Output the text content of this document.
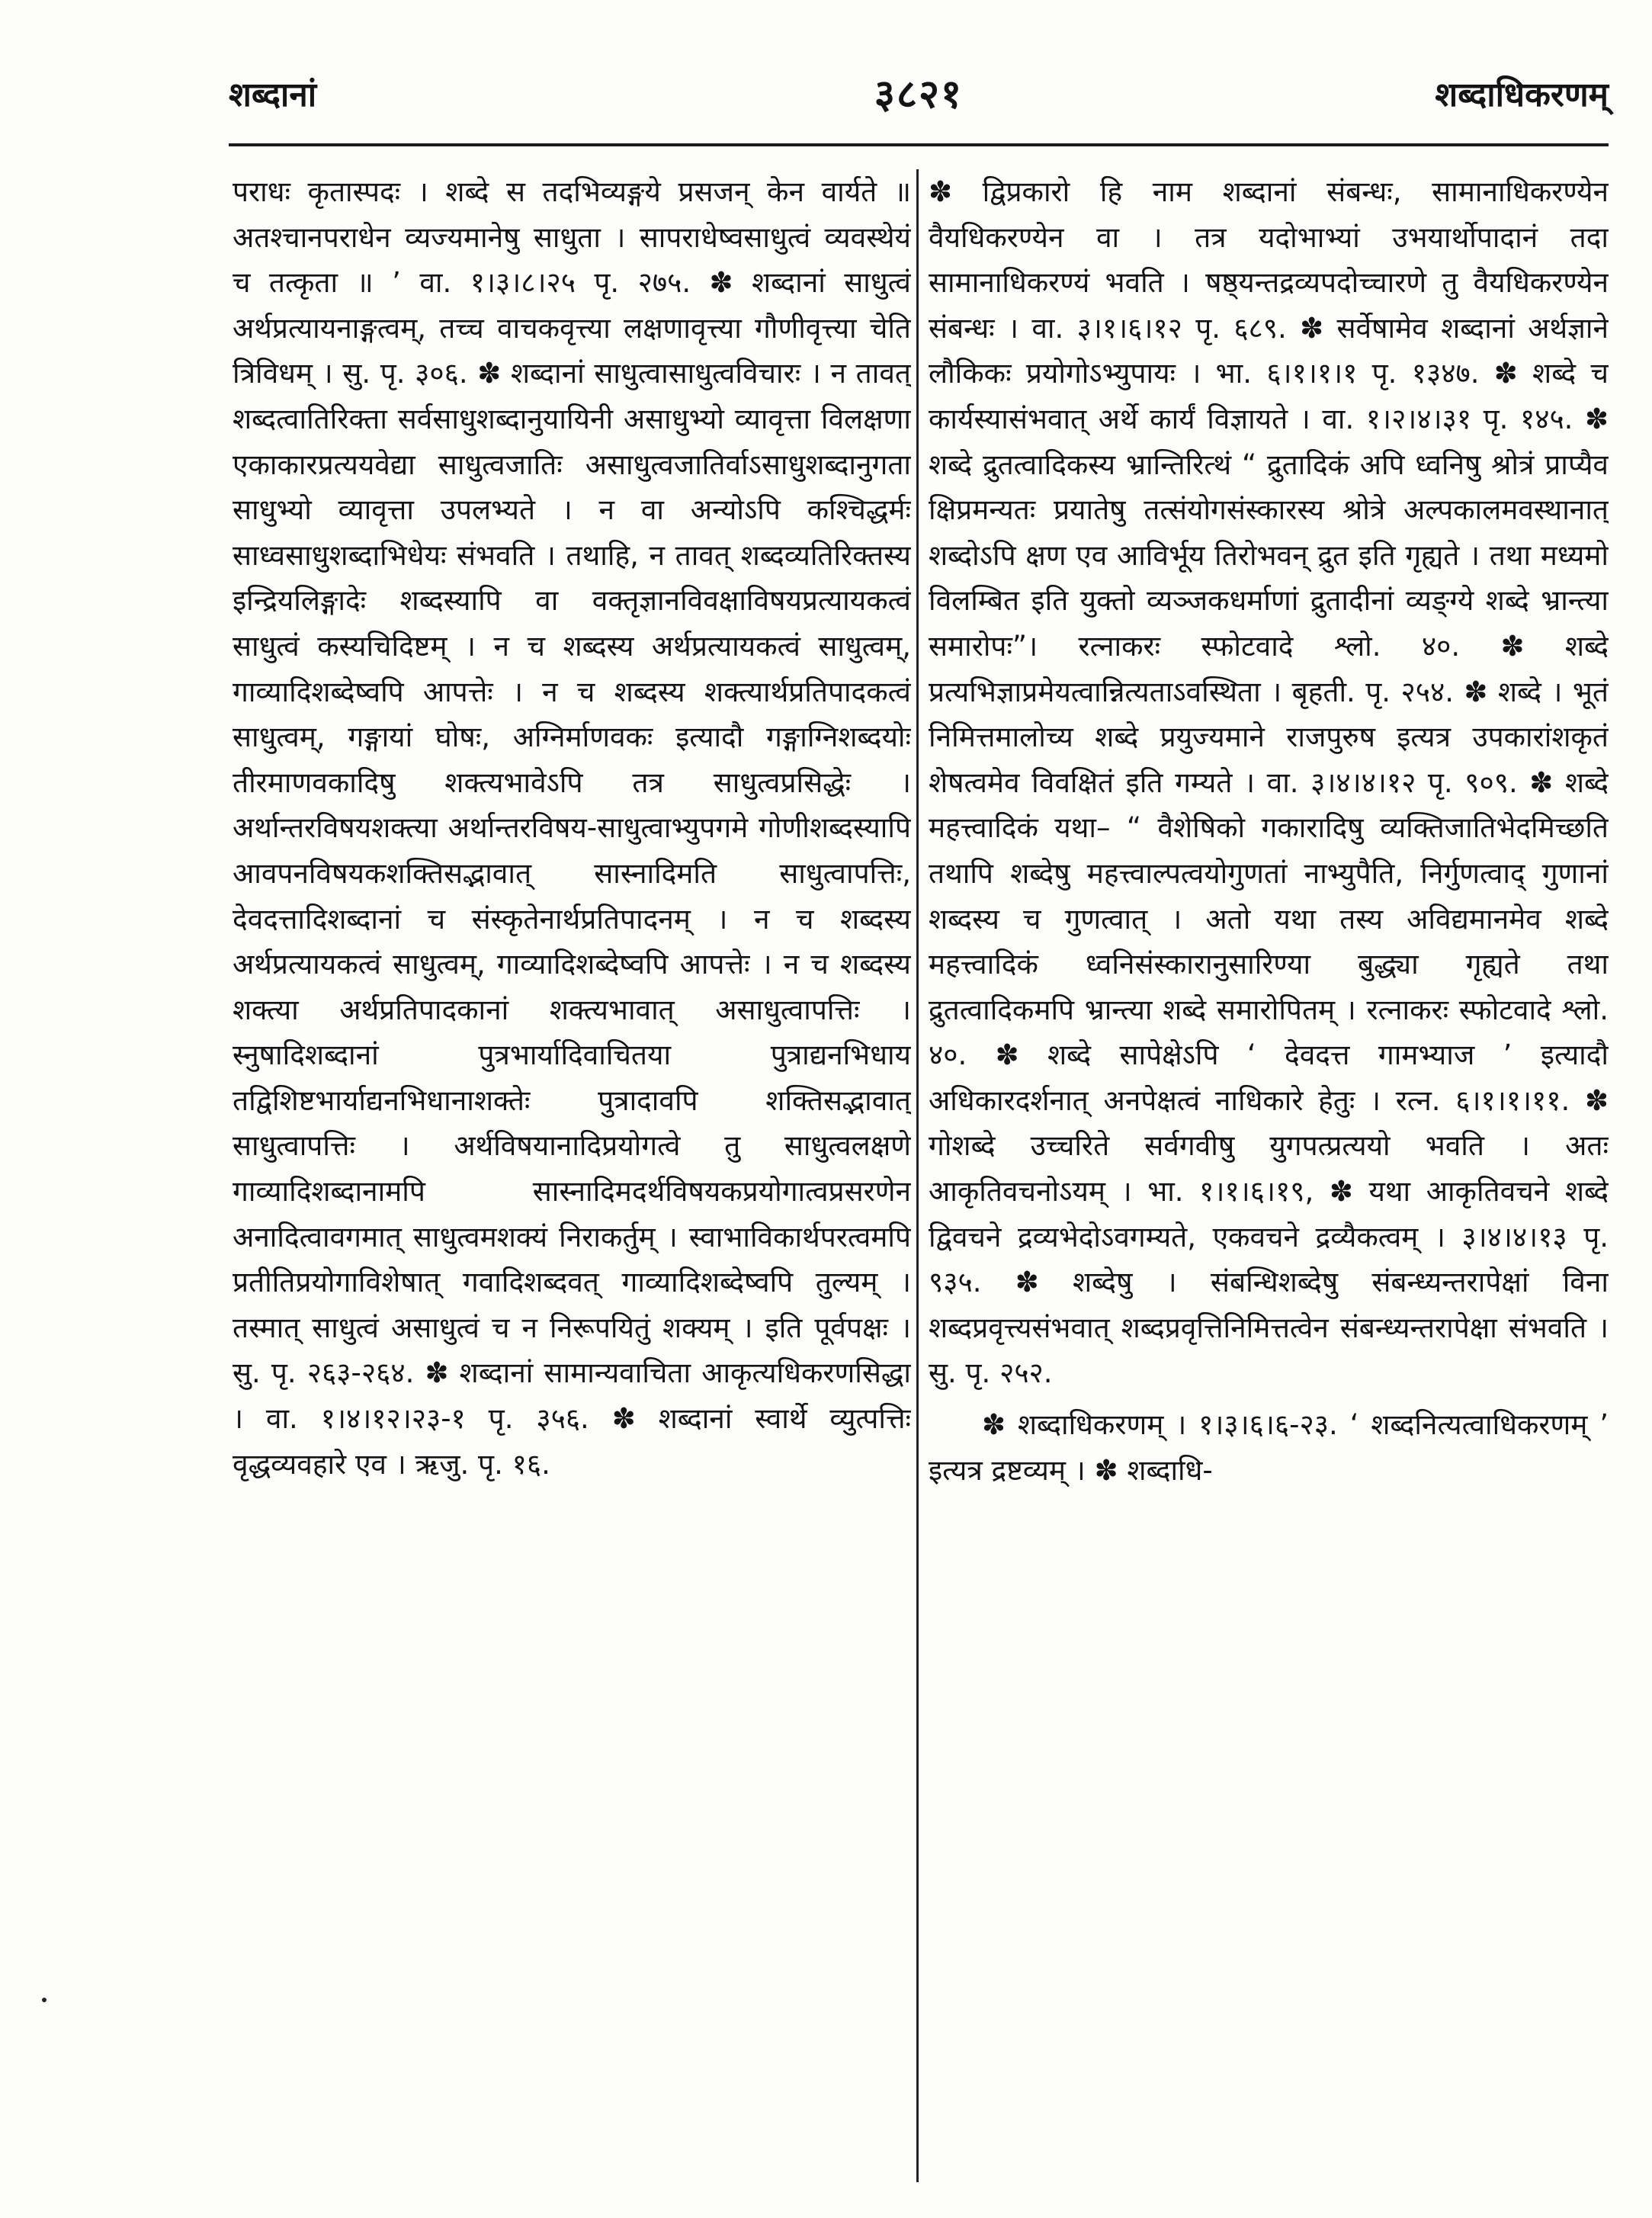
शब्दानां	३८२१	शब्दाधिकरणम्

पराधः कृतास्पदः । शब्दे स तदभिव्यङ्गये प्रसजन् केन वार्यते ॥ अतश्चानपराधेन व्यज्यमानेषु साधुता । सापराधेष्वसाधुत्वं व्यवस्थेयं च तत्कृता ॥ ’ वा. १।३।८।२५ पृ. २७५. ✽ शब्दानां साधुत्वं अर्थप्रत्यायनाङ्गत्वम्, तच्च वाचकवृत्त्या लक्षणावृत्त्या गौणीवृत्त्या चेति त्रिविधम् । सु. पृ. ३०६. ✽ शब्दानां साधुत्वासाधुत्वविचारः । न तावत् शब्दत्वातिरिक्ता सर्वसाधुशब्दानुयायिनी असाधुभ्यो व्यावृत्ता विलक्षणा एकाकारप्रत्ययवेद्या साधुत्वजातिः असाधुत्वजातिर्वाऽसाधुशब्दानुगता साधुभ्यो व्यावृत्ता उपलभ्यते । न वा अन्योऽपि कश्चिद्धर्मः साध्वसाधुशब्दाभिधेयः संभवति । तथाहि, न तावत् शब्दव्यतिरिक्तस्य इन्द्रियलिङ्गादेः शब्दस्यापि वा वक्तृज्ञानविवक्षाविषयप्रत्यायकत्वं साधुत्वं कस्यचिदिष्टम् । न च शब्दस्य अर्थप्रत्यायकत्वं साधुत्वम्, गाव्यादिशब्देष्वपि आपत्तेः । न च शब्दस्य शक्त्यार्थप्रतिपादकत्वं साधुत्वम्, गङ्गायां घोषः, अग्निर्माणवकः इत्यादौ गङ्गाग्निशब्दयोः तीरमाणवकादिषु शक्त्यभावेऽपि तत्र साधुत्वप्रसिद्धेः । अर्थान्तरविषयशक्त्या अर्थान्तरविषय-साधुत्वाभ्युपगमे गोणीशब्दस्यापि आवपनविषयकशक्तिसद्भावात् सास्नादिमति साधुत्वापत्तिः, देवदत्तादिशब्दानां च संस्कृतेनार्थप्रतिपादनम् । न च शब्दस्य अर्थप्रत्यायकत्वं साधुत्वम्, गाव्यादिशब्देष्वपि आपत्तेः । न च शब्दस्य शक्त्या अर्थप्रतिपादकानां शक्त्यभावात् असाधुत्वापत्तिः । स्नुषादिशब्दानां पुत्रभार्यादिवाचितया पुत्राद्यनभिधाय तद्विशिष्टभार्याद्यनभिधानाशक्तेः पुत्रादावपि शक्तिसद्भावात् साधुत्वापत्तिः । अर्थविषयानादिप्रयोगत्वे तु साधुत्वलक्षणे गाव्यादिशब्दानामपि सास्नादिमदर्थविषयकप्रयोगात्वप्रसरणेन अनादित्वावगमात् साधुत्वमशक्यं निराकर्तुम् । स्वाभाविकार्थपरत्वमपि प्रतीतिप्रयोगाविशेषात् गवादिशब्दवत् गाव्यादिशब्देष्वपि तुल्यम् । तस्मात् साधुत्वं असाधुत्वं च न निरूपयितुं शक्यम् । इति पूर्वपक्षः । सु. पृ. २६३-२६४. ✽ शब्दानां सामान्यवाचिता आकृत्यधिकरणसिद्धा । वा. १।४।१२।२३-१ पृ. ३५६. ✽ शब्दानां स्वार्थे व्युत्पत्तिः वृद्धव्यवहारे एव । ऋजु. पृ. १६.

✽ द्विप्रकारो हि नाम शब्दानां संबन्धः, सामानाधिकरण्येन वैयधिकरण्येन वा । तत्र यदोभाभ्यां उभयार्थोपादानं तदा सामानाधिकरण्यं भवति । षष्ठ्यन्तद्रव्यपदोच्चारणे तु वैयधिकरण्येन संबन्धः । वा. ३।१।६।१२ पृ. ६८९. ✽ सर्वेषामेव शब्दानां अर्थज्ञाने लौकिकः प्रयोगोऽभ्युपायः । भा. ६।१।१।१ पृ. १३४७. ✽ शब्दे च कार्यस्यासंभवात् अर्थे कार्यं विज्ञायते । वा. १।२।४।३१ पृ. १४५. ✽ शब्दे द्रुतत्वादिकस्य भ्रान्तिरित्थं “ द्रुतादिकं अपि ध्वनिषु श्रोत्रं प्राप्यैव क्षिप्रमन्यतः प्रयातेषु तत्संयोगसंस्कारस्य श्रोत्रे अल्पकालमवस्थानात् शब्दोऽपि क्षण एव आविर्भूय तिरोभवन् द्रुत इति गृह्यते । तथा मध्यमो विलम्बित इति युक्तो व्यञ्जकधर्माणां द्रुतादीनां व्यङ्ग्ये शब्दे भ्रान्त्या समारोपः”। रत्नाकरः स्फोटवादे श्लो. ४०. ✽ शब्दे प्रत्यभिज्ञाप्रमेयत्वान्नित्यताऽवस्थिता । बृहती. पृ. २५४. ✽ शब्दे । भूतं निमित्तमालोच्य शब्दे प्रयुज्यमाने राजपुरुष इत्यत्र उपकारांशकृतं शेषत्वमेव विवक्षितं इति गम्यते । वा. ३।४।४।१२ पृ. ९०९. ✽ शब्दे महत्त्वादिकं यथा– “ वैशेषिको गकारादिषु व्यक्तिजातिभेदमिच्छति तथापि शब्देषु महत्त्वाल्पत्वयोगुणतां नाभ्युपैति, निर्गुणत्वाद् गुणानां शब्दस्य च गुणत्वात् । अतो यथा तस्य अविद्यमानमेव शब्दे महत्त्वादिकं ध्वनिसंस्कारानुसारिण्या बुद्ध्या गृह्यते तथा द्रुतत्वादिकमपि भ्रान्त्या शब्दे समारोपितम् । रत्नाकरः स्फोटवादे श्लो. ४०. ✽ शब्दे सापेक्षेऽपि ‘ देवदत्त गामभ्याज ’ इत्यादौ अधिकारदर्शनात् अनपेक्षत्वं नाधिकारे हेतुः । रत्न. ६।१।१।११. ✽ गोशब्दे उच्चरिते सर्वगवीषु युगपत्प्रत्ययो भवति । अतः आकृतिवचनोऽयम् । भा. १।१।६।१९, ✽ यथा आकृतिवचने शब्दे द्विवचने द्रव्यभेदोऽवगम्यते, एकवचने द्रव्यैकत्वम् । ३।४।४।१३ पृ. ९३५. ✽ शब्देषु । संबन्धिशब्देषु संबन्ध्यन्तरापेक्षां विना शब्दप्रवृत्त्यसंभवात् शब्दप्रवृत्तिनिमित्तत्वेन संबन्ध्यन्तरापेक्षा संभवति । सु. पृ. २५२.

✽ शब्दाधिकरणम् । १।३।६।६-२३. ‘ शब्दनित्यत्वाधिकरणम् ’ इत्यत्र द्रष्टव्यम् । ✽ शब्दाधि-
